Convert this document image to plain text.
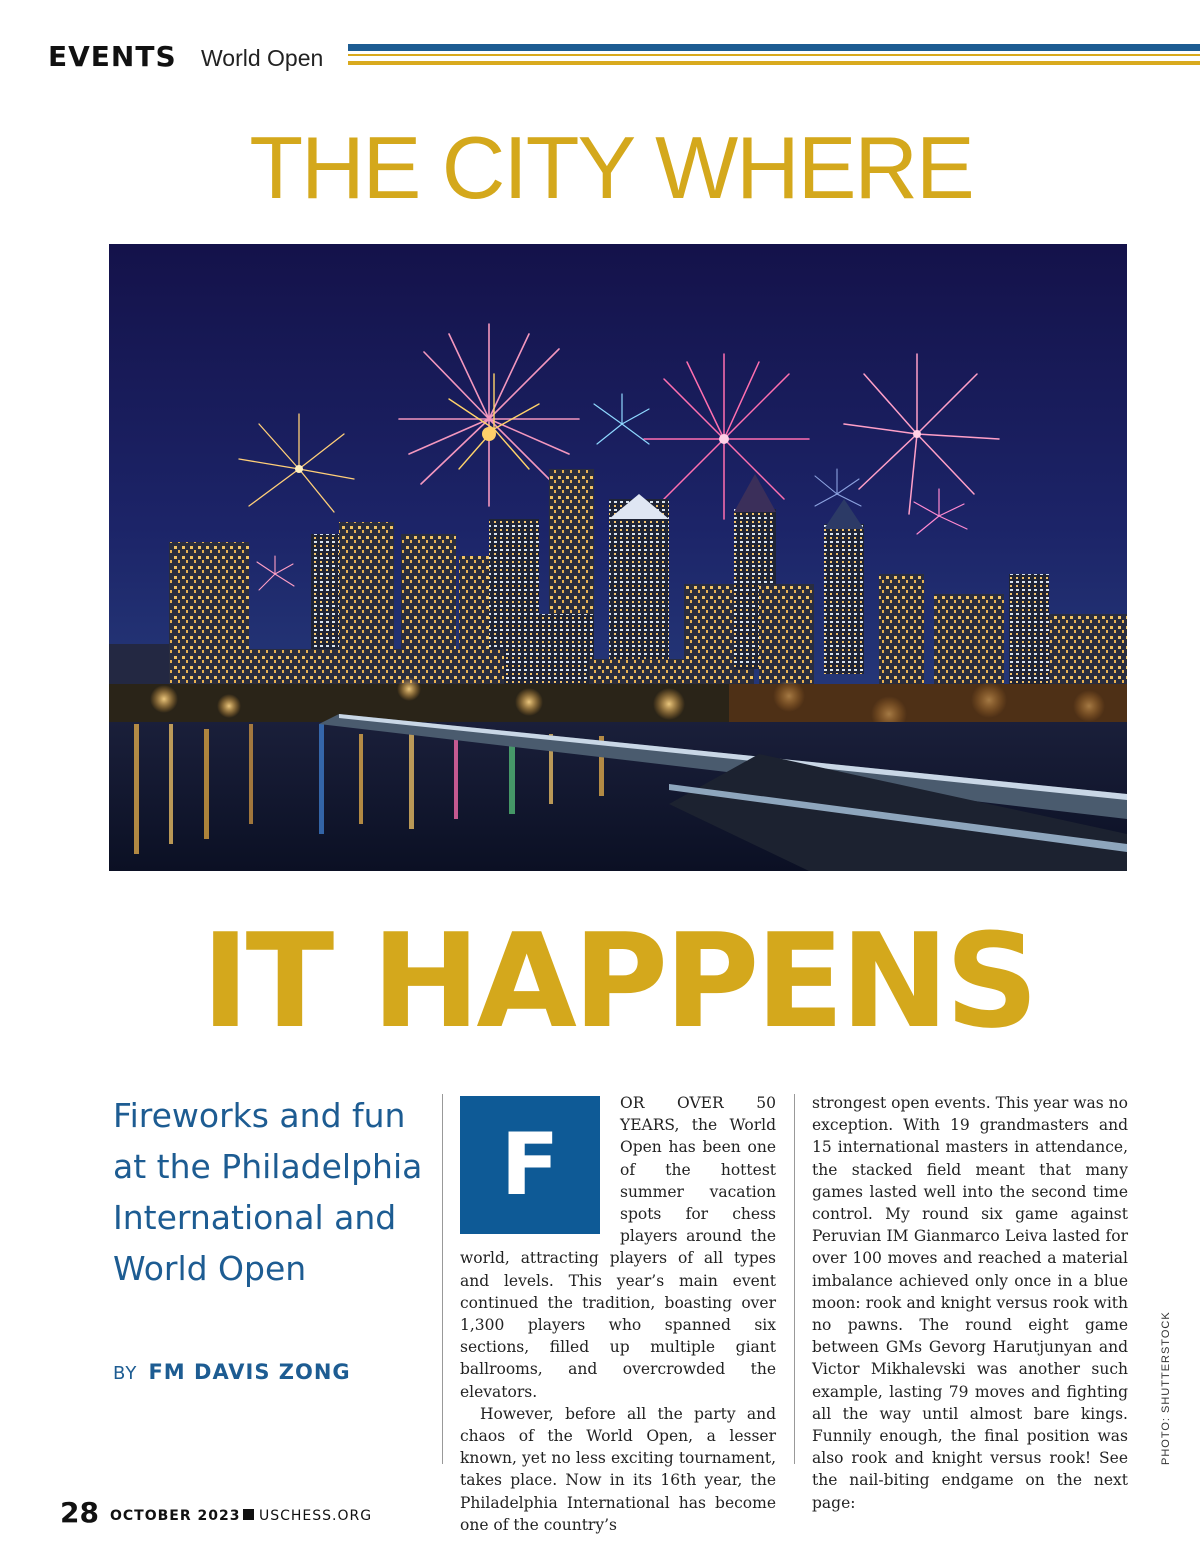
EVENTS World Open
THE CITY WHERE
IT HAPPENS
Fireworks and fun at the Philadelphia International and World Open
BY FM DAVIS ZONG
F

OR OVER 50 YEARS, the World Open has been one of the hottest summer vacation spots for chess players around the world, attracting players of all types and levels. This year’s main event continued the tradition, boasting over 1,300 players who spanned six sections, filled up multiple giant ballrooms, and overcrowded the elevators.

However, before all the party and chaos of the World Open, a lesser known, yet no less exciting tournament, takes place. Now in its 16th year, the Philadelphia International has become one of the country’s

strongest open events. This year was no exception. With 19 grandmasters and 15 international masters in attendance, the stacked field meant that many games lasted well into the second time control. My round six game against Peruvian IM Gianmarco Leiva lasted for over 100 moves and reached a material imbalance achieved only once in a blue moon: rook and knight versus rook with no pawns. The round eight game between GMs Gevorg Harutjunyan and Victor Mikhalevski was another such example, lasting 79 moves and fighting all the way until almost bare kings. Funnily enough, the final position was also rook and knight versus rook! See the nail-biting endgame on the next page:

PHOTO: SHUTTERSTOCK
28 OCTOBER 2023 USCHESS.ORG
